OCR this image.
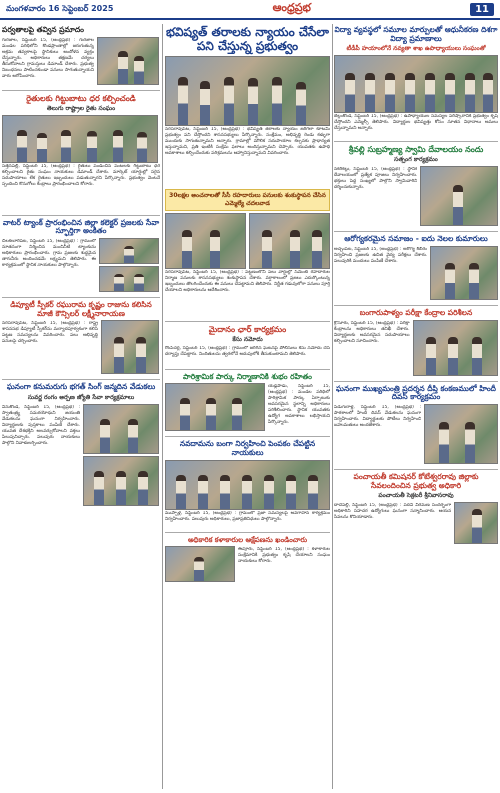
మంగళవారం 16 సెప్టెంబర్ 2025	ఆంధ్రప్రభ	11
పర్వతాలపై తవ్విన ప్రమాదం
గురజాల, సెప్టెంబర్ 15, (ఆంధ్రప్రభ) : గురజాల మండల పరిధిలోని కొండప్రాంతాల్లో జరుగుతున్న అక్రమ తవ్వకాలపై స్థానికులు ఆందోళన వ్యక్తం చేస్తున్నారు. అధికారులు తక్షణమే చర్యలు తీసుకోవాలని గ్రామస్తులు డిమాండ్ చేశారు. ప్రభుత్వ నిబంధనలు పాటించకుండా పనులు సాగుతున్నాయని వారు ఆరోపించారు.
రైతులకు గిట్టుబాటు ధర కల్పించండి
తెలుగు రాష్ట్రాల రైతు సంఘం
సత్తెనపల్లి, సెప్టెంబర్ 15, (ఆంధ్రప్రభ) : రైతులు పండించిన పంటలకు గిట్టుబాటు ధర కల్పించాలని రైతు సంఘం నాయకులు డిమాండ్ చేశారు. మార్కెట్ యార్డుల్లో సరైన సదుపాయాలు లేక రైతులు ఇబ్బందులు పడుతున్నారని పేర్కొన్నారు. ప్రభుత్వం వెంటనే స్పందించి కొనుగోలు కేంద్రాలు ప్రారంభించాలని కోరారు.
వాటర్ ట్యాంక్ ప్రారంభించిన జిల్లా కలెక్టర్ ప్రజలకు సేవా స్ఫూర్తిగా అంకితం
చిలకలూరిపేట, సెప్టెంబర్ 15, (ఆంధ్రప్రభ) : గ్రామంలో నూతనంగా నిర్మించిన మంచినీటి ట్యాంకును అధికారులు ప్రారంభించారు. గ్రామ ప్రజలకు శుద్ధమైన తాగునీరు అందించడమే లక్ష్యమని తెలిపారు. ఈ కార్యక్రమంలో స్థానిక నాయకులు పాల్గొన్నారు.
డిప్యూటీ స్పీకర్ రఘురామ కృష్ణం రాజును కలిసిన మాజీ కౌన్సిలర్ లక్ష్మీనారాయణ
నరసరావుపేట, సెప్టెంబర్ 15, (ఆంధ్రప్రభ) : రాష్ట్ర శాసనసభ డిప్యూటీ స్పీకర్‌ను మర్యాదపూర్వకంగా కలిసి పట్టణ సమస్యలను వివరించారు. పలు అభివృద్ధి పనులపై చర్చించారు.
ఘనంగా కనుమరుగు భగత్ సింగ్ జన్మదిన వేడుకలు
సువర్ణ రంగం అర్పణ జ్యోతి సేవా కార్యక్రమాలు
వినుకొండ, సెప్టెంబర్ 15, (ఆంధ్రప్రభ) : స్వాతంత్ర్య సమరయోధుని జయంతి వేడుకలను ఘనంగా నిర్వహించారు. విద్యార్థులకు పుస్తకాలు పంపిణీ చేశారు. యువత దేశభక్తిని అలవర్చుకోవాలని వక్తలు పిలుపునిచ్చారు. పలువురు నాయకులు పాల్గొని నివాళులర్పించారు.
భవిష్యత్ తరాలకు న్యాయం చేసేలా పని చేస్తున్న ప్రభుత్వం
నరసరావుపేట, సెప్టెంబర్ 15, (ఆంధ్రప్రభ) : భవిష్యత్ తరాలకు న్యాయం జరిగేలా కూటమి ప్రభుత్వం పని చేస్తోందని శాసనసభ్యులు పేర్కొన్నారు. సంక్షేమం, అభివృద్ధి రెండు కళ్ళుగా ముందుకు సాగుతున్నామని అన్నారు. గ్రామాల్లో మౌలిక సదుపాయాల కల్పనకు ప్రాధాన్యత ఇస్తున్నామని, ప్రతి ఇంటికి సంక్షేమ ఫలాలు అందిస్తున్నామని చెప్పారు. యువతకు ఉపాధి అవకాశాలు కల్పించేందుకు పరిశ్రమలను ఆహ్వానిస్తున్నామని వివరించారు.
30లక్షల అంచనాలతో సీసీ రహదారులు పనులకు శంకుస్థాపన చేసిన ఎమ్మెల్యే చదలవాడ
నరసరావుపేట, సెప్టెంబర్ 15, (ఆంధ్రప్రభ) : పట్టణంలోని పలు వార్డుల్లో సిమెంట్ రహదారుల నిర్మాణ పనులకు శాసనసభ్యులు శంకుస్థాపన చేశారు. వర్షాకాలంలో ప్రజలు ఎదుర్కొంటున్న ఇబ్బందులు తొలగించేందుకు ఈ పనులు చేపట్టామని తెలిపారు. నిర్ణీత గడువులోగా పనులు పూర్తి చేయాలని అధికారులను ఆదేశించారు.
మైదానం ఛార్ కార్యక్రమం
కేసు నమోదు
రొంపిచర్ల, సెప్టెంబర్ 15, (ఆంధ్రప్రభ) : గ్రామంలో జరిగిన ఘటనపై పోలీసులు కేసు నమోదు చేసి దర్యాప్తు చేపట్టారు. నిందితులను త్వరలోనే అదుపులోకి తీసుకుంటామని తెలిపారు.
పారిశ్రామిక పార్కు నిర్మాణానికి శుభం రహితం
యడ్లపాడు, సెప్టెంబర్ 15, (ఆంధ్రప్రభ) : మండల పరిధిలో పారిశ్రామిక పార్కు ఏర్పాటుకు అవసరమైన స్థలాన్ని అధికారులు పరిశీలించారు. స్థానిక యువతకు ఉద్యోగ అవకాశాలు లభిస్తాయని పేర్కొన్నారు.
నవదామను బంగా నిర్వహించి పెంపకం చేపట్టిన నాయకులు
ముప్పాళ్ల, సెప్టెంబర్ 15, (ఆంధ్రప్రభ) : గ్రామంలో ప్రజా సమస్యలపై అవగాహన కార్యక్రమం నిర్వహించారు. పలువురు అధికారులు, ప్రజాప్రతినిధులు పాల్గొన్నారు.
అధికారిక కళాకారుల ఆక్షేపణను ఖండించారు
ఈపూరు, సెప్టెంబర్ 15, (ఆంధ్రప్రభ) : కళాకారుల సంక్షేమానికి ప్రభుత్వం కృషి చేయాలని సంఘం నాయకులు కోరారు.
విద్యా వ్యవస్థలో సమూల మార్పులతో ఆధునీకరణ దిశగా విద్యా ప్రమాణాలు
టీడీపీ హయాంలోనే నవ్యతా శాఖ ఉపాధ్యాయులు సంఘంతో
బెల్లంకొండ, సెప్టెంబర్ 15, (ఆంధ్రప్రభ) : ఉపాధ్యాయుల సమస్యల పరిష్కారానికి ప్రభుత్వం కృషి చేస్తోందని ఎమ్మెల్సీ తెలిపారు. విద్యార్థుల భవిష్యత్తు కోసం నూతన విధానాలు అమలు చేస్తున్నామని అన్నారు.
శ్రీవల్లి సుబ్రహ్మణ్య స్వామి దేవాలయం నందు
సత్సంగ కార్యక్రమం
నకరికల్లు, సెప్టెంబర్ 15, (ఆంధ్రప్రభ) : స్థానిక దేవాలయంలో ప్రత్యేక పూజలు నిర్వహించారు. భక్తులు పెద్ద సంఖ్యలో పాల్గొని స్వామివారిని దర్శించుకున్నారు.
ఆరోగ్యకరమైన సమాజం - ఐదు నెలల కుమారులు
అచ్చంపేట, సెప్టెంబర్ 15, (ఆంధ్రప్రభ) : ఆరోగ్య శిబిరం నిర్వహించి ప్రజలకు ఉచిత వైద్య పరీక్షలు చేశారు. పలువురికి మందులు పంపిణీ చేశారు.
బంగారుపాళ్యం పరీక్షా కేంద్రాల పరిశీలన
క్రోసూరు, సెప్టెంబర్ 15, (ఆంధ్రప్రభ) : పరీక్షా కేంద్రాలను అధికారులు తనిఖీ చేశారు. విద్యార్థులకు అవసరమైన సదుపాయాలు కల్పించాలని సూచించారు.
ఘనంగా ముఖ్యమంత్రి ప్రదర్శన దీప్తి కంకణములో హిందీ దివస్ కార్యక్రమం
పిడుగురాళ్ల, సెప్టెంబర్ 15, (ఆంధ్రప్రభ) : పాఠశాలలో హిందీ దివస్ వేడుకలను ఘనంగా నిర్వహించారు. విద్యార్థులకు పోటీలు నిర్వహించి బహుమతులు అందజేశారు.
పంచాయతీ కమిషనర్ కోటేశ్వరరావు జిల్లాకు సేవలందించిన ప్రభుత్వ అధికారి
పంచాయతీ సెక్రటరీ శ్రీనివాసరావు
దాచేపల్లి, సెప్టెంబర్ 15, (ఆంధ్రప్రభ) : పదవీ విరమణ సందర్భంగా అధికారిని సహచర ఉద్యోగులు ఘనంగా సన్మానించారు. ఆయన సేవలను కొనియాడారు.
